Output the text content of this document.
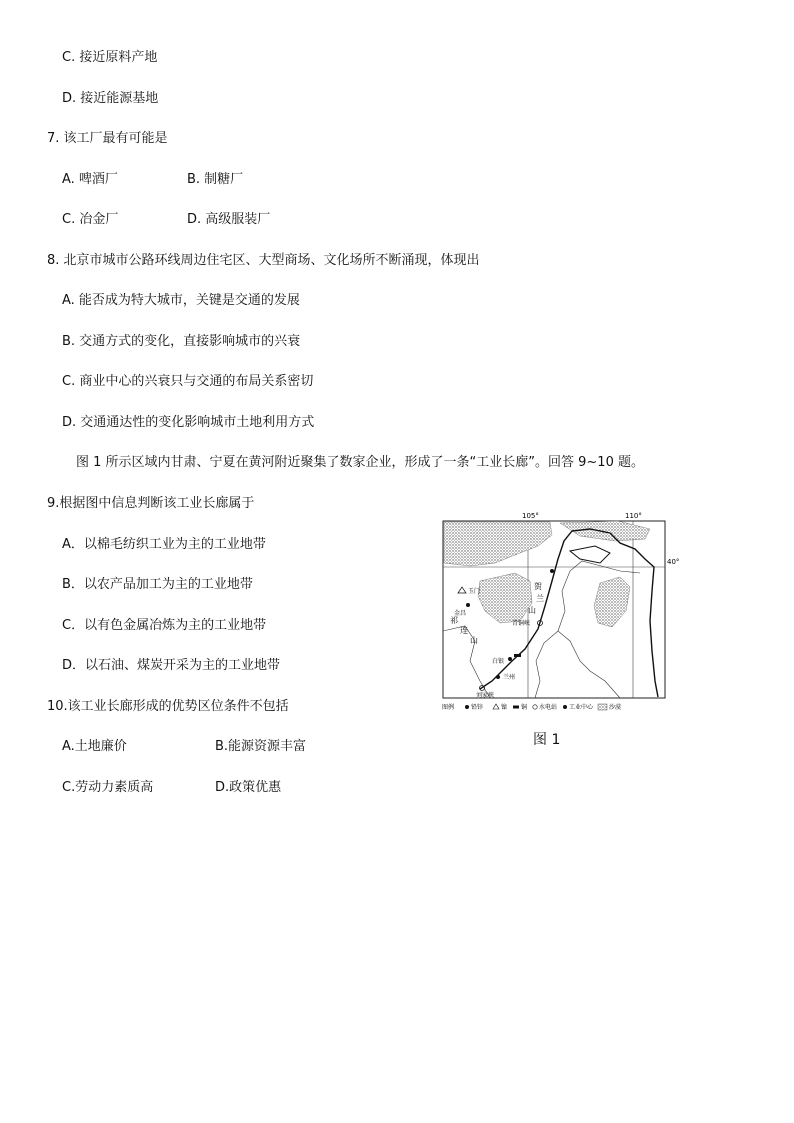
C. 接近原料产地
D. 接近能源基地
7. 该工厂最有可能是
A. 啤酒厂	B. 制糖厂
C. 冶金厂	D. 高级服装厂
8. 北京市城市公路环线周边住宅区、大型商场、文化场所不断涌现，体现出
A. 能否成为特大城市，关键是交通的发展
B. 交通方式的变化，直接影响城市的兴衰
C. 商业中心的兴衰只与交通的布局关系密切
D. 交通通达性的变化影响城市土地利用方式
图 1 所示区域内甘肃、宁夏在黄河附近聚集了数家企业，形成了一条“工业长廊”。回答 9~10 题。
9.根据图中信息判断该工业长廊属于
A．以棉毛纺织工业为主的工业地带
B．以农产品加工为主的工业地带
C．以有色金属冶炼为主的工业地带
D．以石油、煤炭开采为主的工业地带
10.该工业长廊形成的优势区位条件不包括
A.土地廉价	B.能源资源丰富
C.劳动力素质高	D.政策优惠
105°	110°
40°
金昌
玉门
白银
兰州
刘家峡
青铜峡
祁
连
山
贺
兰
山
图例	铅锌	镍 铜 水电站 工业中心	沙漠
图 1
